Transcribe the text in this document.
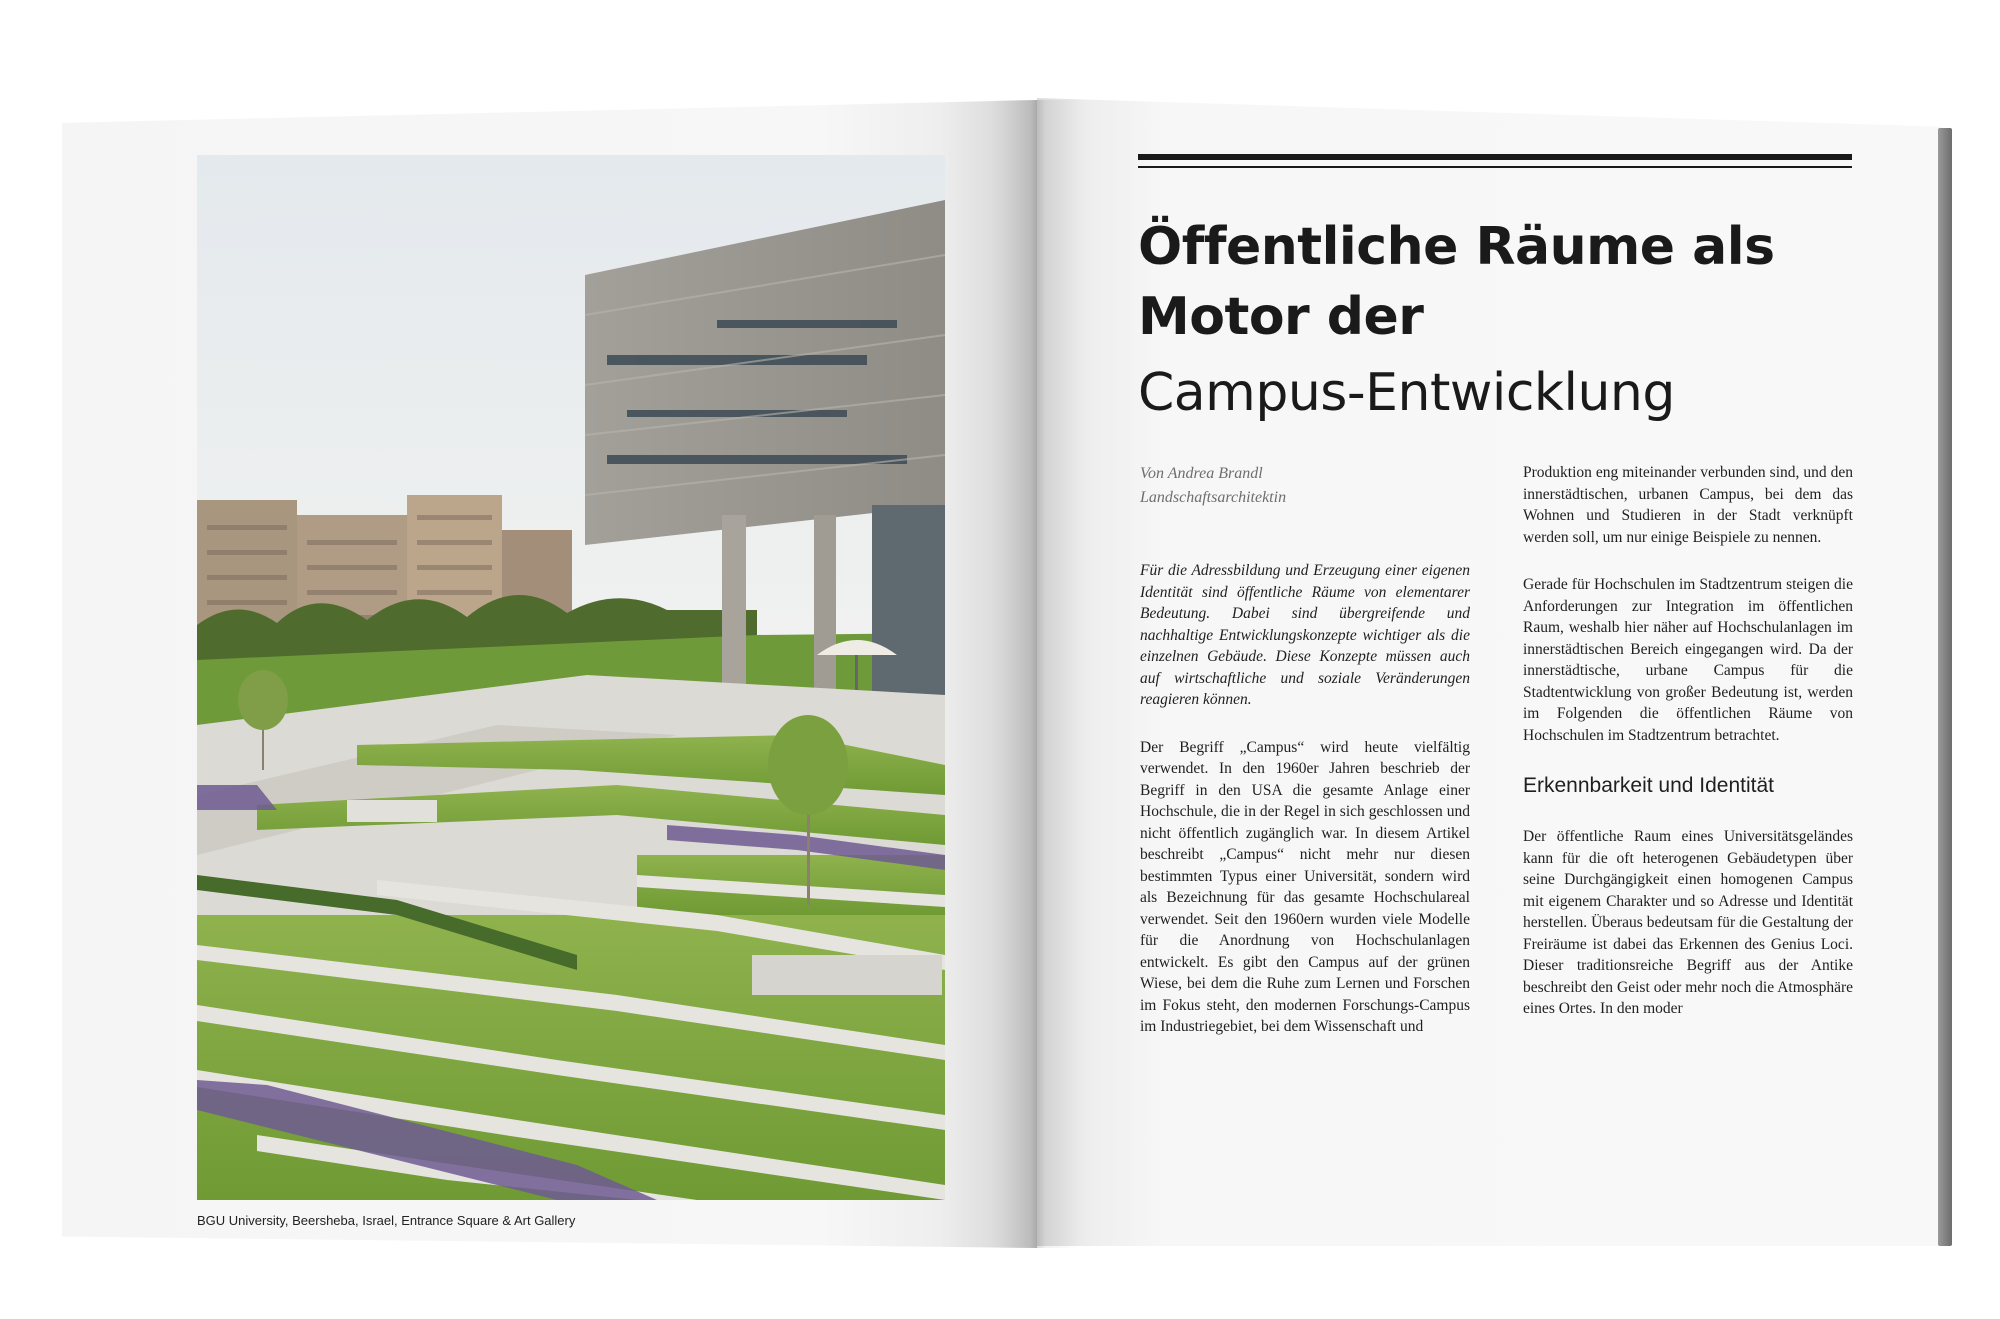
BGU University, Beersheba, Israel, Entrance Square & Art Gallery
Öffentliche Räume als
Motor der
Campus-Entwicklung

Von Andrea Brandl
Landschaftsarchitektin

Für die Adressbildung und Erzeugung einer eigenen Identität sind öffentliche Räume von elementarer Bedeutung. Dabei sind übergreifende und nachhaltige Entwicklungskonzepte wichtiger als die einzelnen Gebäude. Diese Konzepte müssen auch auf wirtschaftliche und soziale Veränderungen reagieren können.

Der Begriff „Campus“ wird heute vielfältig verwendet. In den 1960er Jahren beschrieb der Begriff in den USA die gesamte Anlage einer Hochschule, die in der Regel in sich geschlossen und nicht öffentlich zugänglich war. In diesem Artikel beschreibt „Campus“ nicht mehr nur diesen bestimmten Typus einer Universität, sondern wird als Bezeichnung für das gesamte Hochschulareal verwendet. Seit den 1960ern wurden viele Modelle für die Anordnung von Hochschulanlagen entwickelt. Es gibt den Campus auf der grünen Wiese, bei dem die Ruhe zum Lernen und Forschen im Fokus steht, den modernen Forschungs-Campus im Industriegebiet, bei dem Wissenschaft und

Produktion eng miteinander verbunden sind, und den innerstädtischen, urbanen Campus, bei dem das Wohnen und Studieren in der Stadt verknüpft werden soll, um nur einige Beispiele zu nennen.

Gerade für Hochschulen im Stadtzentrum steigen die Anforderungen zur Integration im öffentlichen Raum, weshalb hier näher auf Hochschulanlagen im innerstädtischen Bereich eingegangen wird. Da der innerstädtische, urbane Campus für die Stadtentwicklung von großer Bedeutung ist, werden im Folgenden die öffentlichen Räume von Hochschulen im Stadtzentrum betrachtet.

Erkennbarkeit und Identität

Der öffentliche Raum eines Universitätsgeländes kann für die oft heterogenen Gebäudetypen über seine Durchgängigkeit einen homogenen Campus mit eigenem Charakter und so Adresse und Identität herstellen. Überaus bedeutsam für die Gestaltung der Freiräume ist dabei das Erkennen des Genius Loci. Dieser traditionsreiche Begriff aus der Antike beschreibt den Geist oder mehr noch die Atmosphäre eines Ortes. In den moder
